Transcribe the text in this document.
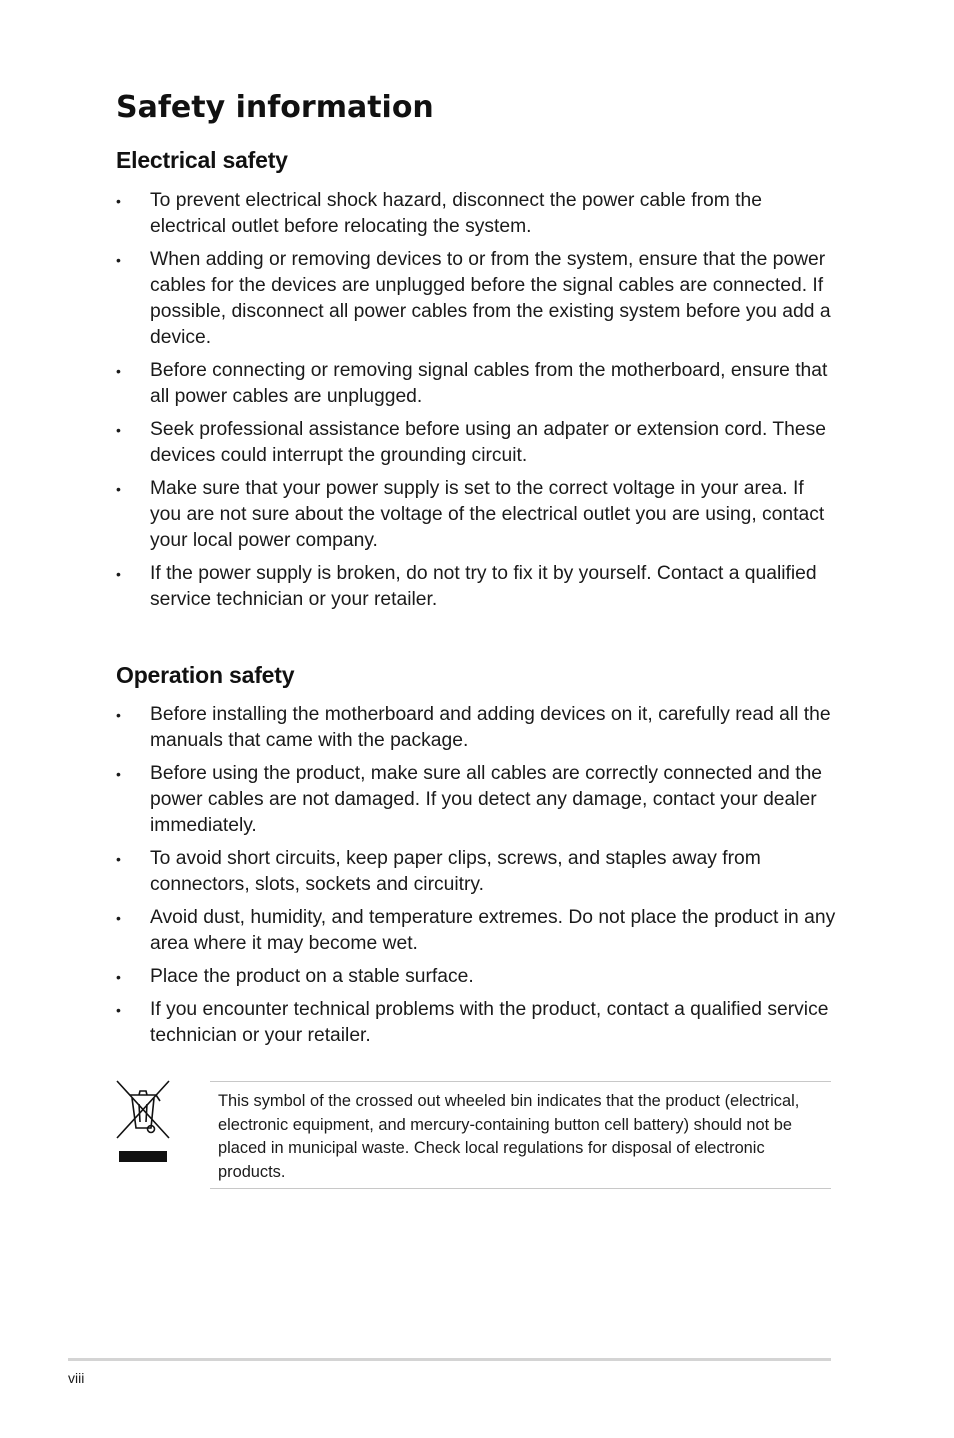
Safety information
Electrical safety
• To prevent electrical shock hazard, disconnect the power cable from the electrical outlet before relocating the system.
• When adding or removing devices to or from the system, ensure that the power cables for the devices are unplugged before the signal cables are connected. If possible, disconnect all power cables from the existing system before you add a device.
• Before connecting or removing signal cables from the motherboard, ensure that all power cables are unplugged.
• Seek professional assistance before using an adpater or extension cord. These devices could interrupt the grounding circuit.
• Make sure that your power supply is set to the correct voltage in your area. If you are not sure about the voltage of the electrical outlet you are using, contact your local power company.
• If the power supply is broken, do not try to fix it by yourself. Contact a qualified service technician or your retailer.
Operation safety
• Before installing the motherboard and adding devices on it, carefully read all the manuals that came with the package.
• Before using the product, make sure all cables are correctly connected and the power cables are not damaged. If you detect any damage, contact your dealer immediately.
• To avoid short circuits, keep paper clips, screws, and staples away from connectors, slots, sockets and circuitry.
• Avoid dust, humidity, and temperature extremes. Do not place the product in any area where it may become wet.
• Place the product on a stable surface.
• If you encounter technical problems with the product, contact a qualified service technician or your retailer.

This symbol of the crossed out wheeled bin indicates that the product (electrical, electronic equipment, and mercury-containing button cell battery) should not be placed in municipal waste. Check local regulations for disposal of electronic products.

viii
